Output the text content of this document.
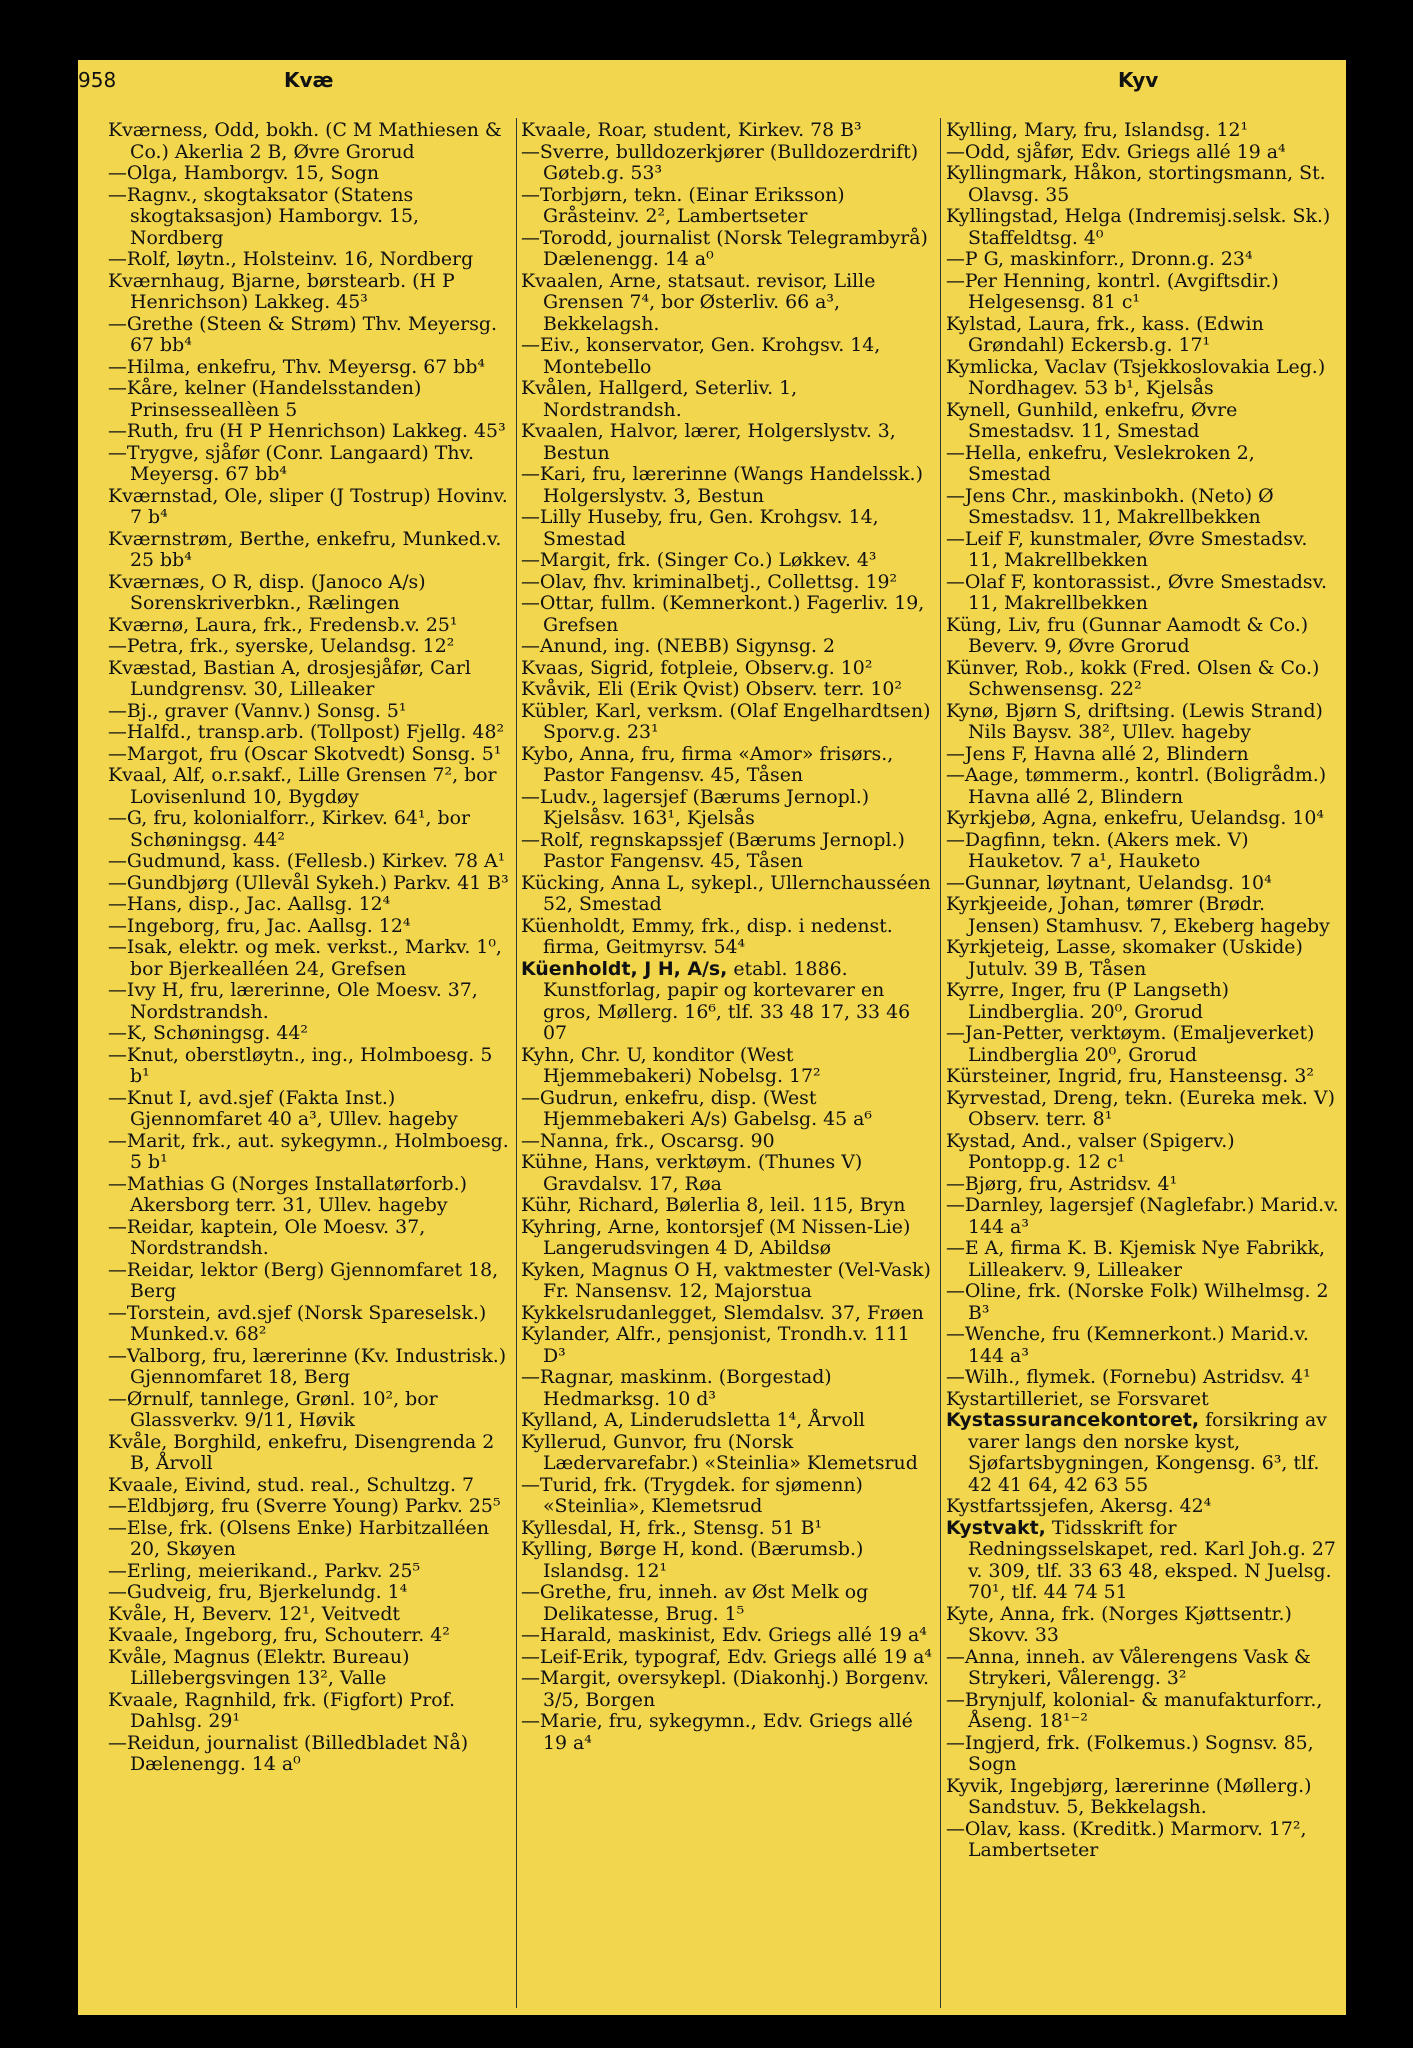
958	Kvæ	Kyv

Kværness, Odd, bokh. (C M Mathiesen & Co.) Akerlia 2 B, Øvre Grorud

—Olga, Hamborgv. 15, Sogn

—Ragnv., skogtaksator (Statens skogtaksasjon) Hamborgv. 15, Nordberg

—Rolf, løytn., Holsteinv. 16, Nordberg

Kværnhaug, Bjarne, børstearb. (H P Henrichson) Lakkeg. 45³

—Grethe (Steen & Strøm) Thv. Meyersg. 67 bb⁴

—Hilma, enkefru, Thv. Meyersg. 67 bb⁴

—Kåre, kelner (Handelsstanden) Prinsesseallèen 5

—Ruth, fru (H P Henrichson) Lakkeg. 45³

—Trygve, sjåfør (Conr. Langaard) Thv. Meyersg. 67 bb⁴

Kværnstad, Ole, sliper (J Tostrup) Hovinv. 7 b⁴

Kværnstrøm, Berthe, enkefru, Munked.v. 25 bb⁴

Kværnæs, O R, disp. (Janoco A/s) Sorenskriverbkn., Rælingen

Kværnø, Laura, frk., Fredensb.v. 25¹

—Petra, frk., syerske, Uelandsg. 12²

Kvæstad, Bastian A, drosjesjåfør, Carl Lundgrensv. 30, Lilleaker

—Bj., graver (Vannv.) Sonsg. 5¹

—Halfd., transp.arb. (Tollpost) Fjellg. 48²

—Margot, fru (Oscar Skotvedt) Sonsg. 5¹

Kvaal, Alf, o.r.sakf., Lille Grensen 7², bor Lovisenlund 10, Bygdøy

—G, fru, kolonialforr., Kirkev. 64¹, bor Schøningsg. 44²

—Gudmund, kass. (Fellesb.) Kirkev. 78 A¹

—Gundbjørg (Ullevål Sykeh.) Parkv. 41 B³

—Hans, disp., Jac. Aallsg. 12⁴

—Ingeborg, fru, Jac. Aallsg. 12⁴

—Isak, elektr. og mek. verkst., Markv. 1⁰, bor Bjerkealléen 24, Grefsen

—Ivy H, fru, lærerinne, Ole Moesv. 37, Nordstrandsh.

—K, Schøningsg. 44²

—Knut, oberstløytn., ing., Holmboesg. 5 b¹

—Knut I, avd.sjef (Fakta Inst.) Gjennomfaret 40 a³, Ullev. hageby

—Marit, frk., aut. sykegymn., Holmboesg. 5 b¹

—Mathias G (Norges Installatørforb.) Akersborg terr. 31, Ullev. hageby

—Reidar, kaptein, Ole Moesv. 37, Nordstrandsh.

—Reidar, lektor (Berg) Gjennomfaret 18, Berg

—Torstein, avd.sjef (Norsk Spareselsk.) Munked.v. 68²

—Valborg, fru, lærerinne (Kv. Industrisk.) Gjennomfaret 18, Berg

—Ørnulf, tannlege, Grønl. 10², bor Glassverkv. 9/11, Høvik

Kvåle, Borghild, enkefru, Disengrenda 2 B, Årvoll

Kvaale, Eivind, stud. real., Schultzg. 7

—Eldbjørg, fru (Sverre Young) Parkv. 25⁵

—Else, frk. (Olsens Enke) Harbitzalléen 20, Skøyen

—Erling, meierikand., Parkv. 25⁵

—Gudveig, fru, Bjerkelundg. 1⁴

Kvåle, H, Beverv. 12¹, Veitvedt

Kvaale, Ingeborg, fru, Schouterr. 4²

Kvåle, Magnus (Elektr. Bureau) Lillebergsvingen 13², Valle

Kvaale, Ragnhild, frk. (Figfort) Prof. Dahlsg. 29¹

—Reidun, journalist (Billedbladet Nå) Dælenengg. 14 a⁰

Kvaale, Roar, student, Kirkev. 78 B³

—Sverre, bulldozerkjører (Bulldozerdrift) Gøteb.g. 53³

—Torbjørn, tekn. (Einar Eriksson) Gråsteinv. 2², Lambertseter

—Torodd, journalist (Norsk Telegrambyrå) Dælenengg. 14 a⁰

Kvaalen, Arne, statsaut. revisor, Lille Grensen 7⁴, bor Østerliv. 66 a³, Bekkelagsh.

—Eiv., konservator, Gen. Krohgsv. 14, Montebello

Kvålen, Hallgerd, Seterliv. 1, Nordstrandsh.

Kvaalen, Halvor, lærer, Holgerslystv. 3, Bestun

—Kari, fru, lærerinne (Wangs Handelssk.) Holgerslystv. 3, Bestun

—Lilly Huseby, fru, Gen. Krohgsv. 14, Smestad

—Margit, frk. (Singer Co.) Løkkev. 4³

—Olav, fhv. kriminalbetj., Collettsg. 19²

—Ottar, fullm. (Kemnerkont.) Fagerliv. 19, Grefsen

—Anund, ing. (NEBB) Sigynsg. 2

Kvaas, Sigrid, fotpleie, Observ.g. 10²

Kvåvik, Eli (Erik Qvist) Observ. terr. 10²

Kübler, Karl, verksm. (Olaf Engelhardtsen) Sporv.g. 23¹

Kybo, Anna, fru, firma «Amor» frisørs., Pastor Fangensv. 45, Tåsen

—Ludv., lagersjef (Bærums Jernopl.) Kjelsåsv. 163¹, Kjelsås

—Rolf, regnskapssjef (Bærums Jernopl.) Pastor Fangensv. 45, Tåsen

Kücking, Anna L, sykepl., Ullernchausséen 52, Smestad

Küenholdt, Emmy, frk., disp. i nedenst. firma, Geitmyrsv. 54⁴

Küenholdt, J H, A/s, etabl. 1886. Kunstforlag, papir og kortevarer en gros, Møllerg. 16⁶, tlf. 33 48 17, 33 46 07

Kyhn, Chr. U, konditor (West Hjemmebakeri) Nobelsg. 17²

—Gudrun, enkefru, disp. (West Hjemmebakeri A/s) Gabelsg. 45 a⁶

—Nanna, frk., Oscarsg. 90

Kühne, Hans, verktøym. (Thunes V) Gravdalsv. 17, Røa

Kühr, Richard, Bølerlia 8, leil. 115, Bryn

Kyhring, Arne, kontorsjef (M Nissen-Lie) Langerudsvingen 4 D, Abildsø

Kyken, Magnus O H, vaktmester (Vel-Vask) Fr. Nansensv. 12, Majorstua

Kykkelsrudanlegget, Slemdalsv. 37, Frøen

Kylander, Alfr., pensjonist, Trondh.v. 111 D³

—Ragnar, maskinm. (Borgestad) Hedmarksg. 10 d³

Kylland, A, Linderudsletta 1⁴, Årvoll

Kyllerud, Gunvor, fru (Norsk Lædervarefabr.) «Steinlia» Klemetsrud

—Turid, frk. (Trygdek. for sjømenn) «Steinlia», Klemetsrud

Kyllesdal, H, frk., Stensg. 51 B¹

Kylling, Børge H, kond. (Bærumsb.) Islandsg. 12¹

—Grethe, fru, inneh. av Øst Melk og Delikatesse, Brug. 1⁵

—Harald, maskinist, Edv. Griegs allé 19 a⁴

—Leif-Erik, typograf, Edv. Griegs allé 19 a⁴

—Margit, oversykepl. (Diakonhj.) Borgenv. 3/5, Borgen

—Marie, fru, sykegymn., Edv. Griegs allé 19 a⁴

Kylling, Mary, fru, Islandsg. 12¹

—Odd, sjåfør, Edv. Griegs allé 19 a⁴

Kyllingmark, Håkon, stortingsmann, St. Olavsg. 35

Kyllingstad, Helga (Indremisj.selsk. Sk.) Staffeldtsg. 4⁰

—P G, maskinforr., Dronn.g. 23⁴

—Per Henning, kontrl. (Avgiftsdir.) Helgesensg. 81 c¹

Kylstad, Laura, frk., kass. (Edwin Grøndahl) Eckersb.g. 17¹

Kymlicka, Vaclav (Tsjekkoslovakia Leg.) Nordhagev. 53 b¹, Kjelsås

Kynell, Gunhild, enkefru, Øvre Smestadsv. 11, Smestad

—Hella, enkefru, Veslekroken 2, Smestad

—Jens Chr., maskinbokh. (Neto) Ø Smestadsv. 11, Makrellbekken

—Leif F, kunstmaler, Øvre Smestadsv. 11, Makrellbekken

—Olaf F, kontorassist., Øvre Smestadsv. 11, Makrellbekken

Küng, Liv, fru (Gunnar Aamodt & Co.) Beverv. 9, Øvre Grorud

Künver, Rob., kokk (Fred. Olsen & Co.) Schwensensg. 22²

Kynø, Bjørn S, driftsing. (Lewis Strand) Nils Baysv. 38², Ullev. hageby

—Jens F, Havna allé 2, Blindern

—Aage, tømmerm., kontrl. (Boligrådm.) Havna allé 2, Blindern

Kyrkjebø, Agna, enkefru, Uelandsg. 10⁴

—Dagfinn, tekn. (Akers mek. V) Hauketov. 7 a¹, Hauketo

—Gunnar, løytnant, Uelandsg. 10⁴

Kyrkjeeide, Johan, tømrer (Brødr. Jensen) Stamhusv. 7, Ekeberg hageby

Kyrkjeteig, Lasse, skomaker (Uskide) Jutulv. 39 B, Tåsen

Kyrre, Inger, fru (P Langseth) Lindberglia. 20⁰, Grorud

—Jan-Petter, verktøym. (Emaljeverket) Lindberglia 20⁰, Grorud

Kürsteiner, Ingrid, fru, Hansteensg. 3²

Kyrvestad, Dreng, tekn. (Eureka mek. V) Observ. terr. 8¹

Kystad, And., valser (Spigerv.) Pontopp.g. 12 c¹

—Bjørg, fru, Astridsv. 4¹

—Darnley, lagersjef (Naglefabr.) Marid.v. 144 a³

—E A, firma K. B. Kjemisk Nye Fabrikk, Lilleakerv. 9, Lilleaker

—Oline, frk. (Norske Folk) Wilhelmsg. 2 B³

—Wenche, fru (Kemnerkont.) Marid.v. 144 a³

—Wilh., flymek. (Fornebu) Astridsv. 4¹

Kystartilleriet, se Forsvaret

Kystassurancekontoret, forsikring av varer langs den norske kyst, Sjøfartsbygningen, Kongensg. 6³, tlf. 42 41 64, 42 63 55

Kystfartssjefen, Akersg. 42⁴

Kystvakt, Tidsskrift for Redningsselskapet, red. Karl Joh.g. 27 v. 309, tlf. 33 63 48, eksped. N Juelsg. 70¹, tlf. 44 74 51

Kyte, Anna, frk. (Norges Kjøttsentr.) Skovv. 33

—Anna, inneh. av Vålerengens Vask & Strykeri, Vålerengg. 3²

—Brynjulf, kolonial- & manufakturforr., Åseng. 18¹⁻²

—Ingjerd, frk. (Folkemus.) Sognsv. 85, Sogn

Kyvik, Ingebjørg, lærerinne (Møllerg.) Sandstuv. 5, Bekkelagsh.

—Olav, kass. (Kreditk.) Marmorv. 17², Lambertseter
